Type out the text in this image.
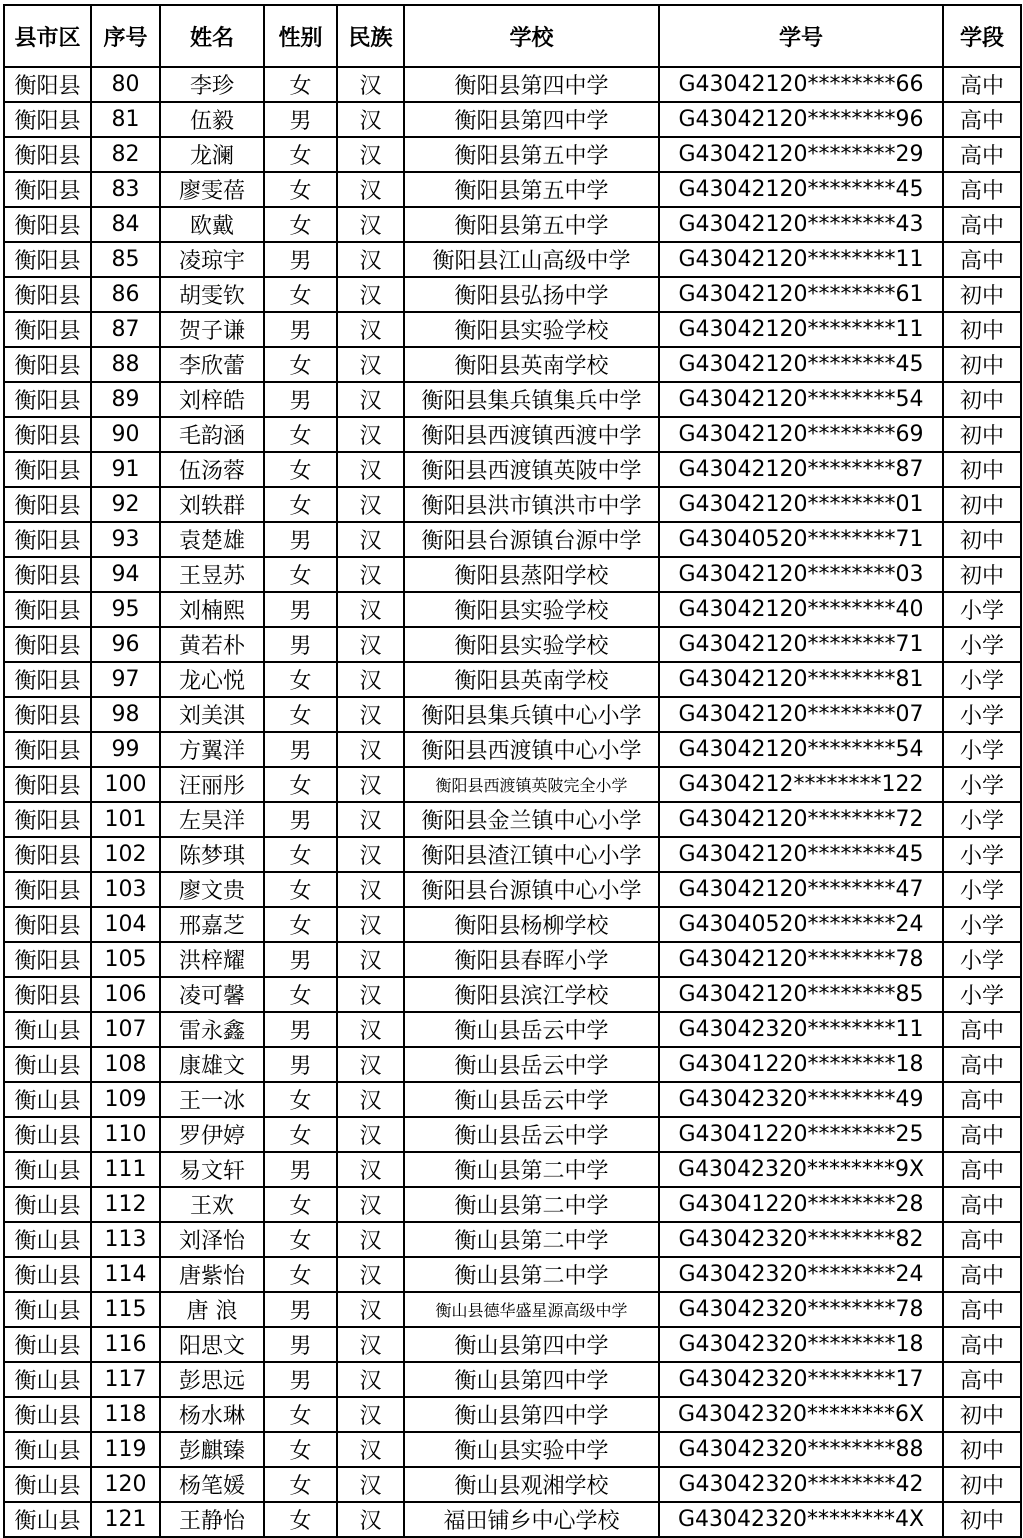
县市区	序号	姓名	性别	民族	学校	学号	学段
衡阳县	80	李珍	女	汉	衡阳县第四中学	G43042120********66	高中
衡阳县	81	伍毅	男	汉	衡阳县第四中学	G43042120********96	高中
衡阳县	82	龙澜	女	汉	衡阳县第五中学	G43042120********29	高中
衡阳县	83	廖雯蓓	女	汉	衡阳县第五中学	G43042120********45	高中
衡阳县	84	欧戴	女	汉	衡阳县第五中学	G43042120********43	高中
衡阳县	85	凌琼宇	男	汉	衡阳县江山高级中学	G43042120********11	高中
衡阳县	86	胡雯钦	女	汉	衡阳县弘扬中学	G43042120********61	初中
衡阳县	87	贺子谦	男	汉	衡阳县实验学校	G43042120********11	初中
衡阳县	88	李欣蕾	女	汉	衡阳县英南学校	G43042120********45	初中
衡阳县	89	刘梓皓	男	汉	衡阳县集兵镇集兵中学	G43042120********54	初中
衡阳县	90	毛韵涵	女	汉	衡阳县西渡镇西渡中学	G43042120********69	初中
衡阳县	91	伍汤蓉	女	汉	衡阳县西渡镇英陂中学	G43042120********87	初中
衡阳县	92	刘轶群	女	汉	衡阳县洪市镇洪市中学	G43042120********01	初中
衡阳县	93	袁楚雄	男	汉	衡阳县台源镇台源中学	G43040520********71	初中
衡阳县	94	王昱苏	女	汉	衡阳县蒸阳学校	G43042120********03	初中
衡阳县	95	刘楠熙	男	汉	衡阳县实验学校	G43042120********40	小学
衡阳县	96	黄若朴	男	汉	衡阳县实验学校	G43042120********71	小学
衡阳县	97	龙心悦	女	汉	衡阳县英南学校	G43042120********81	小学
衡阳县	98	刘美淇	女	汉	衡阳县集兵镇中心小学	G43042120********07	小学
衡阳县	99	方翼洋	男	汉	衡阳县西渡镇中心小学	G43042120********54	小学
衡阳县	100	汪丽彤	女	汉	衡阳县西渡镇英陂完全小学	G4304212********122	小学
衡阳县	101	左昊洋	男	汉	衡阳县金兰镇中心小学	G43042120********72	小学
衡阳县	102	陈梦琪	女	汉	衡阳县渣江镇中心小学	G43042120********45	小学
衡阳县	103	廖文贵	女	汉	衡阳县台源镇中心小学	G43042120********47	小学
衡阳县	104	邢嘉芝	女	汉	衡阳县杨柳学校	G43040520********24	小学
衡阳县	105	洪梓耀	男	汉	衡阳县春晖小学	G43042120********78	小学
衡阳县	106	凌可馨	女	汉	衡阳县滨江学校	G43042120********85	小学
衡山县	107	雷永鑫	男	汉	衡山县岳云中学	G43042320********11	高中
衡山县	108	康雄文	男	汉	衡山县岳云中学	G43041220********18	高中
衡山县	109	王一冰	女	汉	衡山县岳云中学	G43042320********49	高中
衡山县	110	罗伊婷	女	汉	衡山县岳云中学	G43041220********25	高中
衡山县	111	易文轩	男	汉	衡山县第二中学	G43042320********9X	高中
衡山县	112	王欢	女	汉	衡山县第二中学	G43041220********28	高中
衡山县	113	刘泽怡	女	汉	衡山县第二中学	G43042320********82	高中
衡山县	114	唐紫怡	女	汉	衡山县第二中学	G43042320********24	高中
衡山县	115	唐 浪	男	汉	衡山县德华盛星源高级中学	G43042320********78	高中
衡山县	116	阳思文	男	汉	衡山县第四中学	G43042320********18	高中
衡山县	117	彭思远	男	汉	衡山县第四中学	G43042320********17	高中
衡山县	118	杨水琳	女	汉	衡山县第四中学	G43042320********6X	初中
衡山县	119	彭麒臻	女	汉	衡山县实验中学	G43042320********88	初中
衡山县	120	杨笔媛	女	汉	衡山县观湘学校	G43042320********42	初中
衡山县	121	王静怡	女	汉	福田铺乡中心学校	G43042320********4X	初中
